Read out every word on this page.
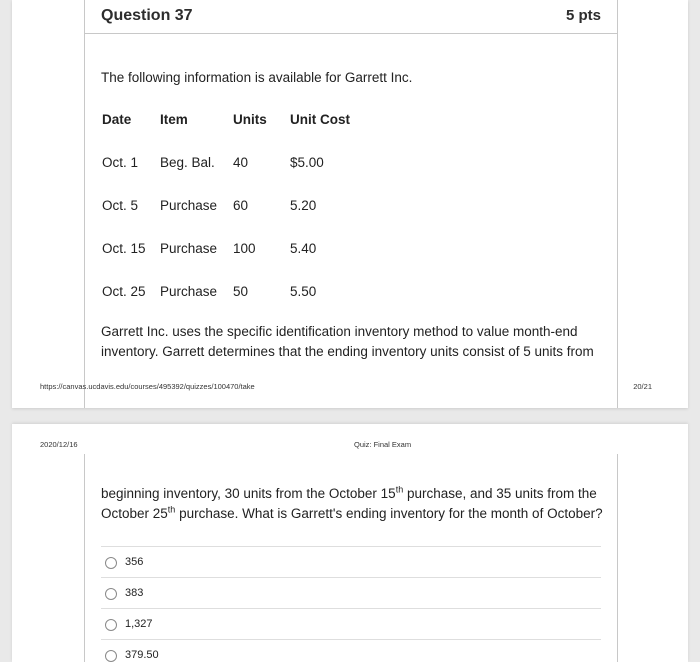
Question 37	5 pts
The following information is available for Garrett Inc.
Date Item	Units Unit Cost
Oct. 1 Beg. Bal. 40	$5.00
Oct. 5 Purchase 60	5.20
Oct. 15 Purchase 100	5.40
Oct. 25 Purchase 50	5.50
Garrett Inc. uses the specific identification inventory method to value month-end inventory. Garrett determines that the ending inventory units consist of 5 units from
https://canvas.ucdavis.edu/courses/495392/quizzes/100470/take	20/21
2020/12/16	Quiz: Final Exam
beginning inventory, 30 units from the October 15th purchase, and 35 units from the October 25th purchase. What is Garrett's ending inventory for the month of October?
356
383
1,327
379.50
